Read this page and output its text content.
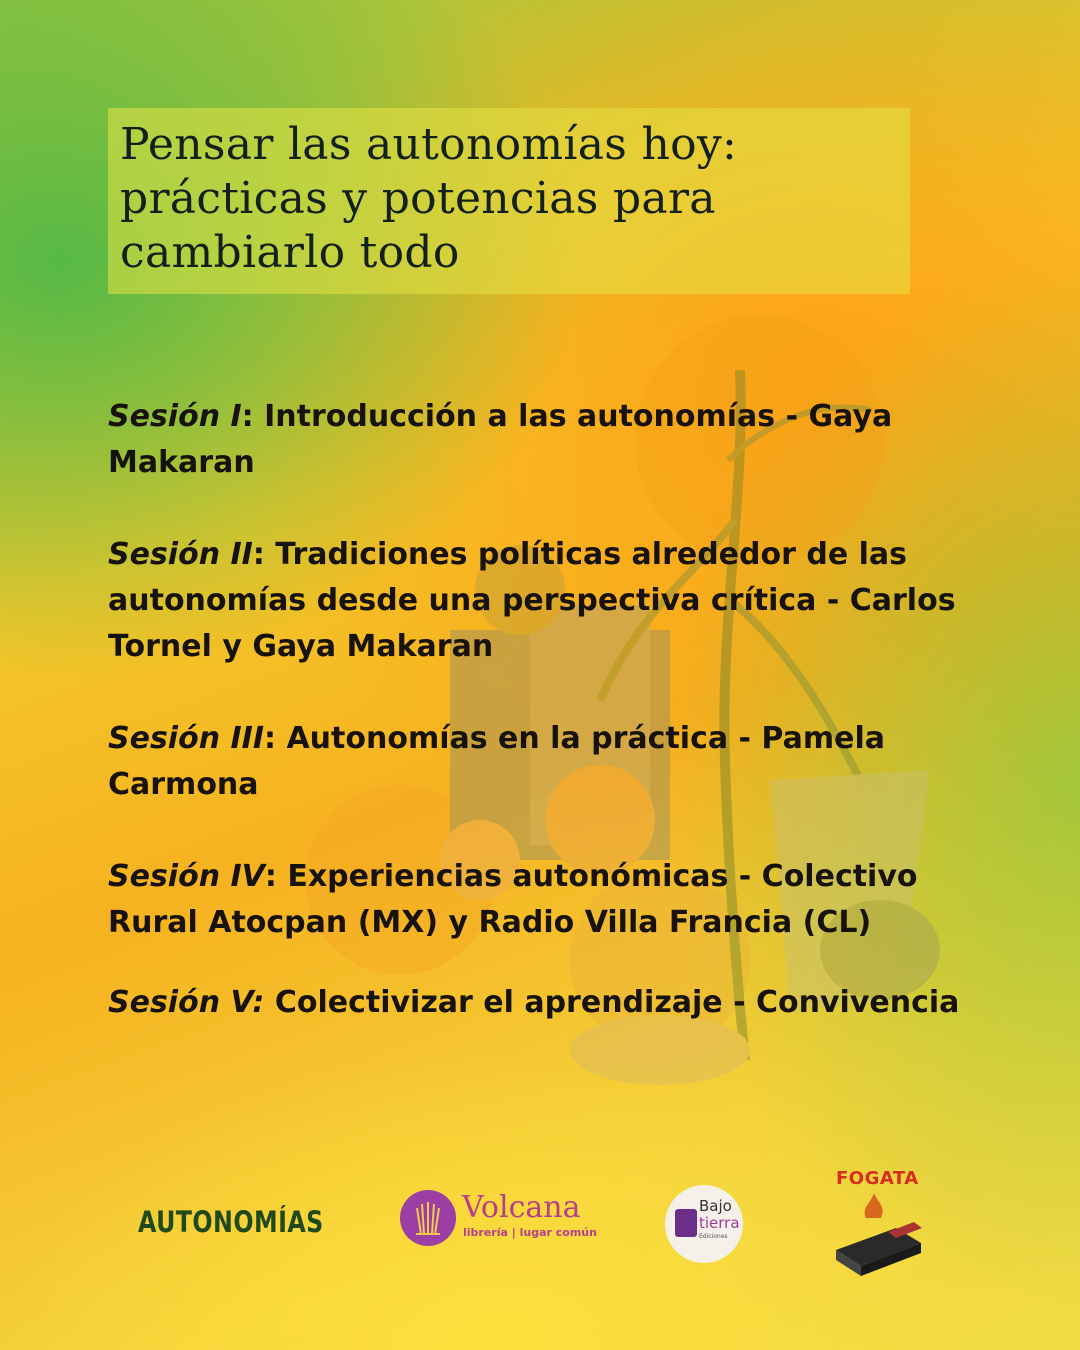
Pensar las autonomías hoy:
prácticas y potencias para
cambiarlo todo

Sesión I: Introducción a las autonomías - Gaya Makaran

Sesión II: Tradiciones políticas alrededor de las autonomías desde una perspectiva crítica - Carlos Tornel y Gaya Makaran

Sesión III: Autonomías en la práctica - Pamela Carmona

Sesión IV: Experiencias autonómicas - Colectivo Rural Atocpan (MX) y Radio Villa Francia (CL)

Sesión V: Colectivizar el aprendizaje - Convivencia

AUTONOMÍAS	Volcana
librería | lugar común
Bajo
tierra
Ediciones
FOGATA
